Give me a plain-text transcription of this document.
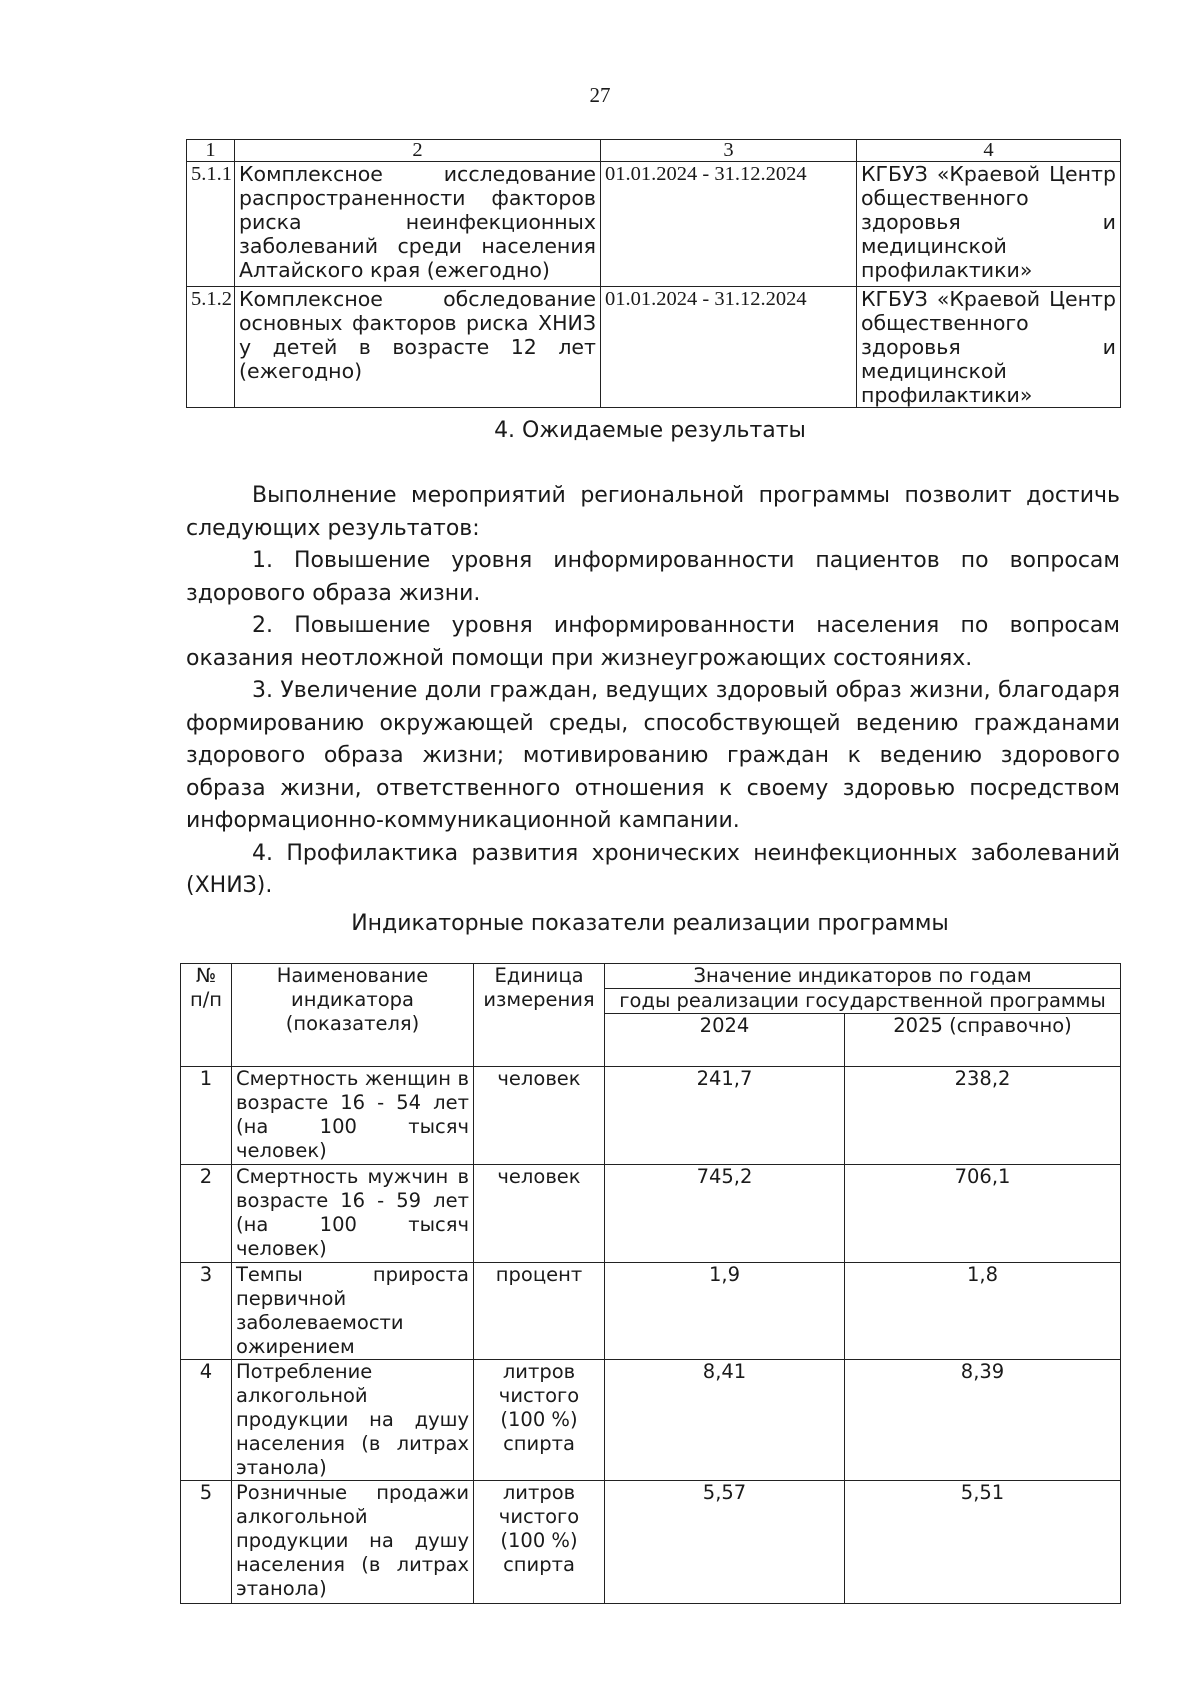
27
1	2	3	4
5.1.1	Комплексное исследование распространенности факторов риска неинфекционных заболеваний среди населения Алтайского края (ежегодно)	01.01.2024 - 31.12.2024	КГБУЗ «Краевой Центр общественного здоровья и медицинской профилактики»
5.1.2	Комплексное обследование основных факторов риска ХНИЗ у детей в возрасте 12 лет (ежегодно)	01.01.2024 - 31.12.2024	КГБУЗ «Краевой Центр общественного здоровья и медицинской профилактики»
4. Ожидаемые результаты

Выполнение мероприятий региональной программы позволит достичь следующих результатов:

1. Повышение уровня информированности пациентов по вопросам здорового образа жизни.

2. Повышение уровня информированности населения по вопросам оказания неотложной помощи при жизнеугрожающих состояниях.

3. Увеличение доли граждан, ведущих здоровый образ жизни, благодаря формированию окружающей среды, способствующей ведению гражданами здорового образа жизни; мотивированию граждан к ведению здорового образа жизни, ответственного отношения к своему здоровью посредством информационно-коммуникационной кампании.

4. Профилактика развития хронических неинфекционных заболеваний (ХНИЗ).

Индикаторные показатели реализации программы
№ п/п	Наименование индикатора (показателя)	Единица измерения	Значение индикаторов по годам	
			годы реализации государственной программы	
			2024	2025 (справочно)
1	Смертность женщин в возрасте 16 - 54 лет (на 100 тысяч человек)	человек	241,7	238,2
2	Смертность мужчин в возрасте 16 - 59 лет (на 100 тысяч человек)	человек	745,2	706,1
3	Темпы прироста первичной заболеваемости ожирением	процент	1,9	1,8
4	Потребление алкогольной продукции на душу населения (в литрах этанола)	литров чистого (100 %) спирта	8,41	8,39
5	Розничные продажи алкогольной продукции на душу населения (в литрах этанола)	литров чистого (100 %) спирта	5,57	5,51
